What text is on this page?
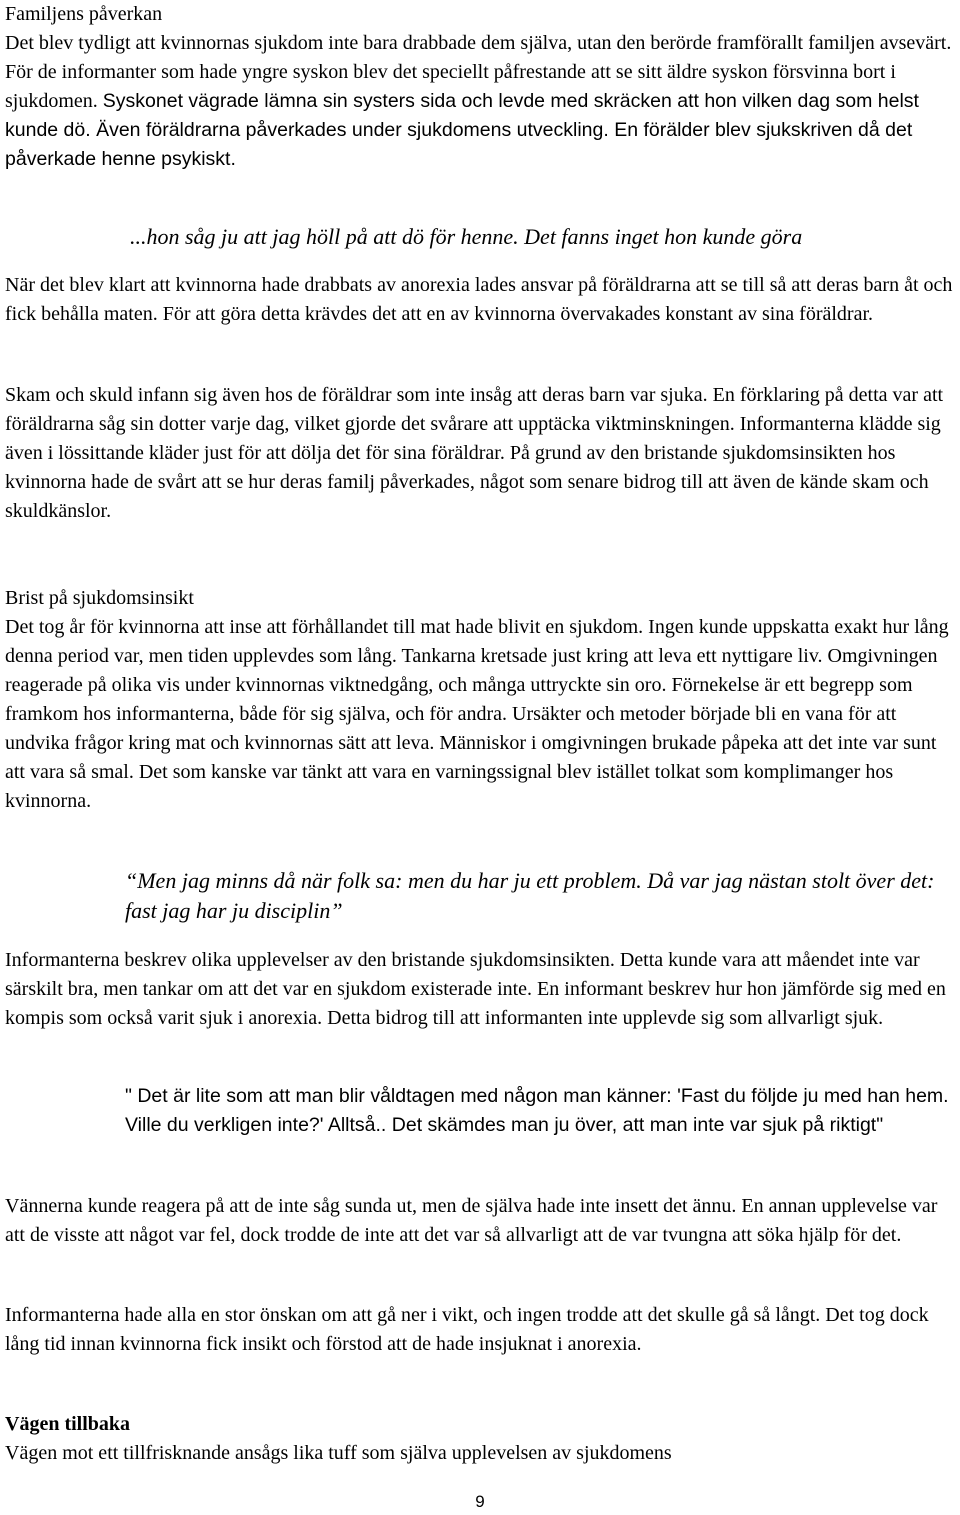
Familjens påverkan

Det blev tydligt att kvinnornas sjukdom inte bara drabbade dem själva, utan den berörde framförallt familjen avsevärt. För de informanter som hade yngre syskon blev det speciellt påfrestande att se sitt äldre syskon försvinna bort i sjukdomen. Syskonet vägrade lämna sin systers sida och levde med skräcken att hon vilken dag som helst kunde dö. Även föräldrarna påverkades under sjukdomens utveckling. En förälder blev sjukskriven då det påverkade henne psykiskt.

...hon såg ju att jag höll på att dö för henne. Det fanns inget hon kunde göra

När det blev klart att kvinnorna hade drabbats av anorexia lades ansvar på föräldrarna att se till så att deras barn åt och fick behålla maten. För att göra detta krävdes det att en av kvinnorna övervakades konstant av sina föräldrar.

Skam och skuld infann sig även hos de föräldrar som inte insåg att deras barn var sjuka. En förklaring på detta var att föräldrarna såg sin dotter varje dag, vilket gjorde det svårare att upptäcka viktminskningen. Informanterna klädde sig även i lössittande kläder just för att dölja det för sina föräldrar. På grund av den bristande sjukdomsinsikten hos kvinnorna hade de svårt att se hur deras familj påverkades, något som senare bidrog till att även de kände skam och skuldkänslor.

Brist på sjukdomsinsikt

Det tog år för kvinnorna att inse att förhållandet till mat hade blivit en sjukdom. Ingen kunde uppskatta exakt hur lång denna period var, men tiden upplevdes som lång. Tankarna kretsade just kring att leva ett nyttigare liv. Omgivningen reagerade på olika vis under kvinnornas viktnedgång, och många uttryckte sin oro. Förnekelse är ett begrepp som framkom hos informanterna, både för sig själva, och för andra. Ursäkter och metoder började bli en vana för att undvika frågor kring mat och kvinnornas sätt att leva. Människor i omgivningen brukade påpeka att det inte var sunt att vara så smal. Det som kanske var tänkt att vara en varningssignal blev istället tolkat som komplimanger hos kvinnorna.

“Men jag minns då när folk sa: men du har ju ett problem. Då var jag nästan stolt över det: fast jag har ju disciplin”

Informanterna beskrev olika upplevelser av den bristande sjukdomsinsikten. Detta kunde vara att måendet inte var särskilt bra, men tankar om att det var en sjukdom existerade inte. En informant beskrev hur hon jämförde sig med en kompis som också varit sjuk i anorexia. Detta bidrog till att informanten inte upplevde sig som allvarligt sjuk.

" Det är lite som att man blir våldtagen med någon man känner: 'Fast du följde ju med han hem. Ville du verkligen inte?' Alltså.. Det skämdes man ju över, att man inte var sjuk på riktigt"

Vännerna kunde reagera på att de inte såg sunda ut, men de själva hade inte insett det ännu. En annan upplevelse var att de visste att något var fel, dock trodde de inte att det var så allvarligt att de var tvungna att söka hjälp för det.

Informanterna hade alla en stor önskan om att gå ner i vikt, och ingen trodde att det skulle gå så långt. Det tog dock lång tid innan kvinnorna fick insikt och förstod att de hade insjuknat i anorexia.

Vägen tillbaka

Vägen mot ett tillfrisknande ansågs lika tuff som själva upplevelsen av sjukdomens

9
